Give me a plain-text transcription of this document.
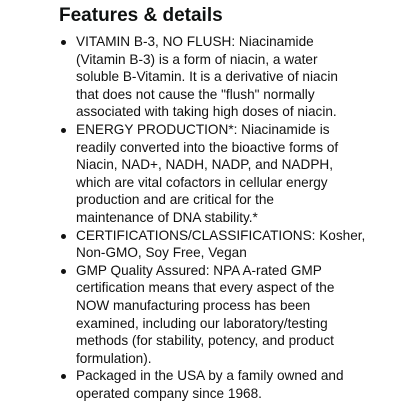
Features & details
VITAMIN B-3, NO FLUSH: Niacinamide
(Vitamin B-3) is a form of niacin, a water
soluble B-Vitamin. It is a derivative of niacin
that does not cause the "flush" normally
associated with taking high doses of niacin.
ENERGY PRODUCTION*: Niacinamide is
readily converted into the bioactive forms of
Niacin, NAD+, NADH, NADP, and NADPH,
which are vital cofactors in cellular energy
production and are critical for the
maintenance of DNA stability.*
CERTIFICATIONS/CLASSIFICATIONS: Kosher,
Non-GMO, Soy Free, Vegan
GMP Quality Assured: NPA A-rated GMP
certification means that every aspect of the
NOW manufacturing process has been
examined, including our laboratory/testing
methods (for stability, potency, and product
formulation).
Packaged in the USA by a family owned and
operated company since 1968.
